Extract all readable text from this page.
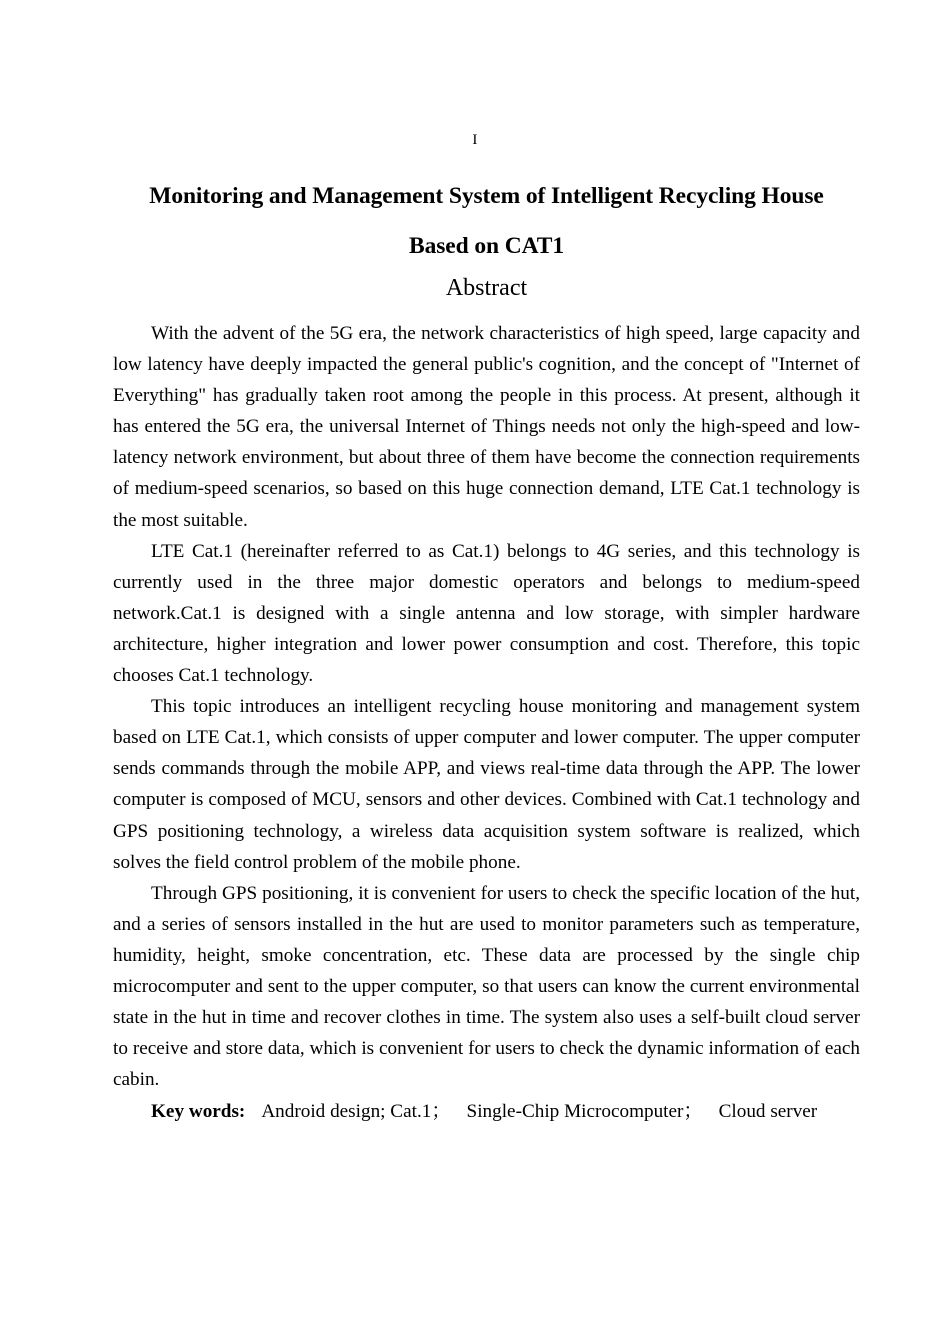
I
Monitoring and Management System of Intelligent Recycling House
Based on CAT1
Abstract

With the advent of the 5G era, the network characteristics of high speed, large capacity and low latency have deeply impacted the general public's cognition, and the concept of "Internet of Everything" has gradually taken root among the people in this process. At present, although it has entered the 5G era, the universal Internet of Things needs not only the high-speed and low-latency network environment, but about three of them have become the connection requirements of medium-speed scenarios, so based on this huge connection demand, LTE Cat.1 technology is the most suitable.

LTE Cat.1 (hereinafter referred to as Cat.1) belongs to 4G series, and this technology is currently used in the three major domestic operators and belongs to medium-speed network.Cat.1 is designed with a single antenna and low storage, with simpler hardware architecture, higher integration and lower power consumption and cost. Therefore, this topic chooses Cat.1 technology.

This topic introduces an intelligent recycling house monitoring and management system based on LTE Cat.1, which consists of upper computer and lower computer. The upper computer sends commands through the mobile APP, and views real-time data through the APP. The lower computer is composed of MCU, sensors and other devices. Combined with Cat.1 technology and GPS positioning technology, a wireless data acquisition system software is realized, which solves the field control problem of the mobile phone.

Through GPS positioning, it is convenient for users to check the specific location of the hut, and a series of sensors installed in the hut are used to monitor parameters such as temperature, humidity, height, smoke concentration, etc. These data are processed by the single chip microcomputer and sent to the upper computer, so that users can know the current environmental state in the hut in time and recover clothes in time. The system also uses a self-built cloud server to receive and store data, which is convenient for users to check the dynamic information of each cabin.

Key words: Android design; Cat.1； Single-Chip Microcomputer； Cloud server
